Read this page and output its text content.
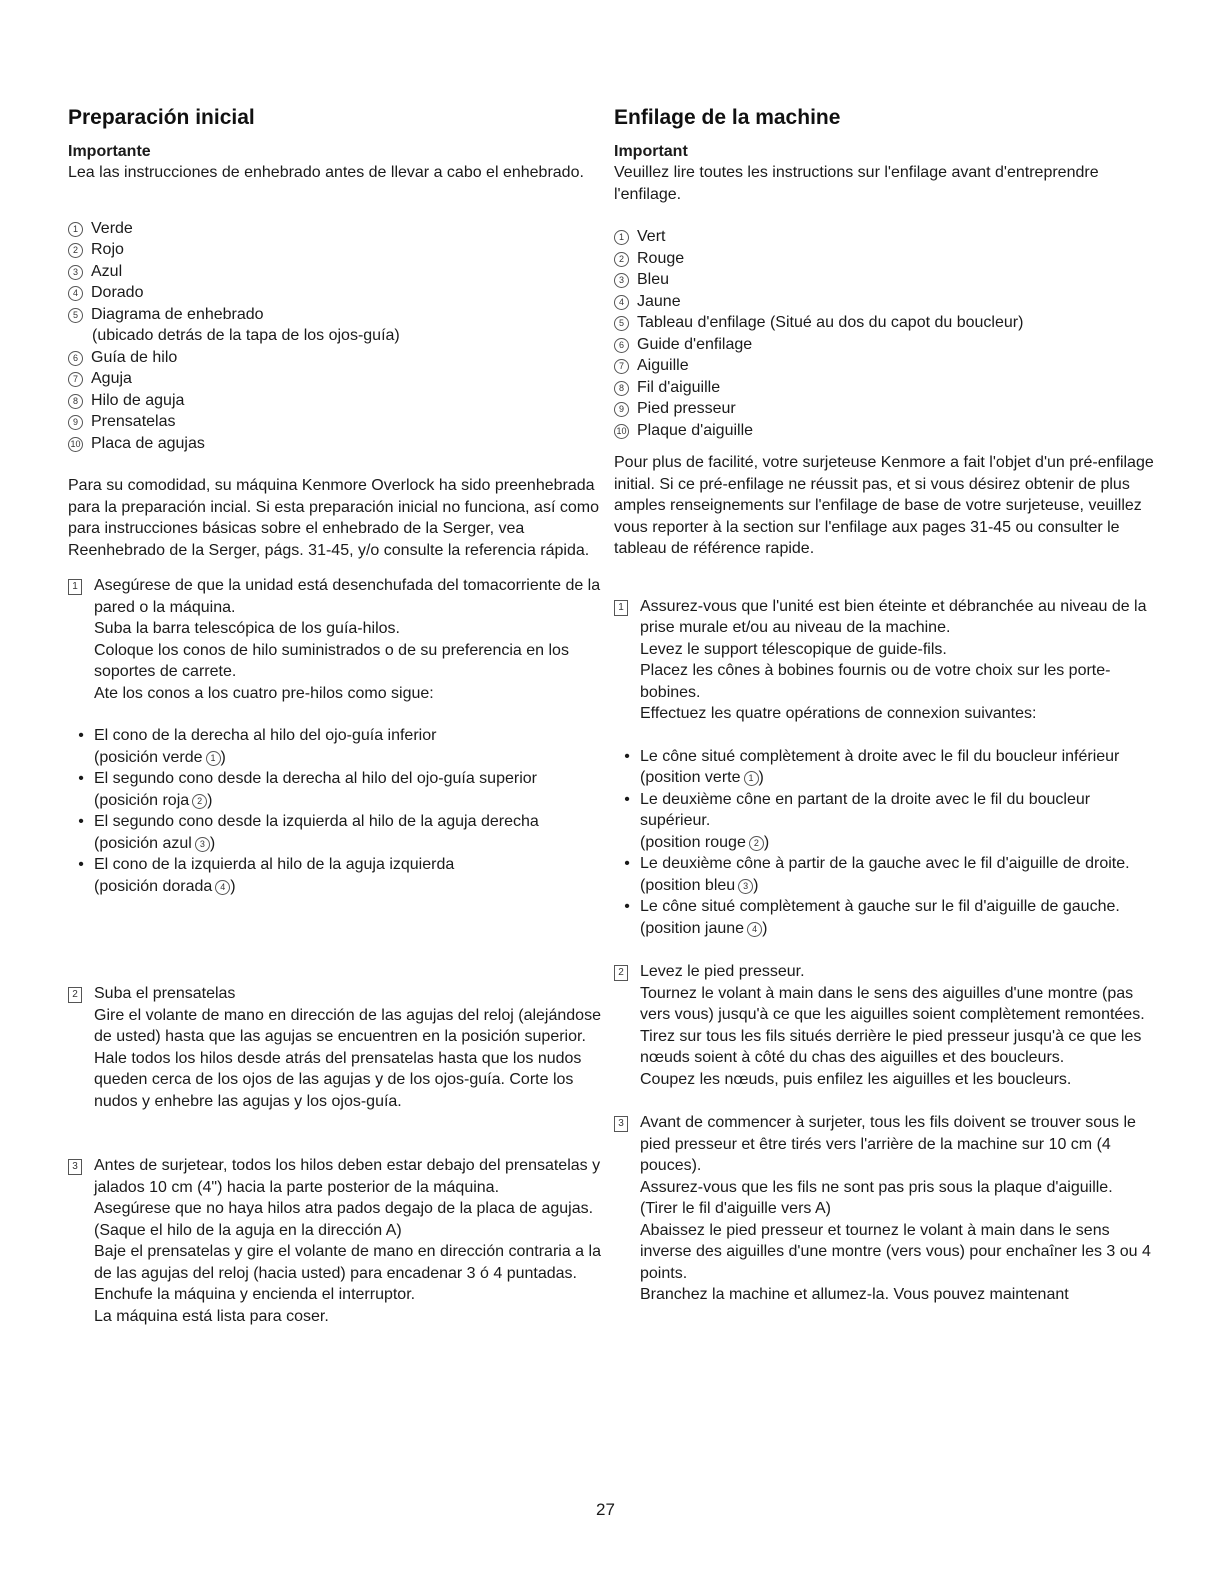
Preparación inicial
Importante

Lea las instrucciones de enhebrado antes de llevar a cabo el enhebrado.

1 Verde
2 Rojo
3 Azul
4 Dorado
5 Diagrama de enhebrado
(ubicado detrás de la tapa de los ojos-guía)
6 Guía de hilo
7 Aguja
8 Hilo de aguja
9 Prensatelas
10 Placa de agujas

Para su comodidad, su máquina Kenmore Overlock ha sido preenhebrada para la preparación incial. Si esta preparación inicial no funciona, así como para instrucciones básicas sobre el enhebrado de la Serger, vea Reenhebrado de la Serger, págs. 31-45, y/o consulte la referencia rápida.

1 Asegúrese de que la unidad está desenchufada del tomacorriente de la pared o la máquina.

Suba la barra telescópica de los guía-hilos.

Coloque los conos de hilo suministrados o de su preferencia en los soportes de carrete.

Ate los conos a los cuatro pre-hilos como sigue:

• El cono de la derecha al hilo del ojo-guía inferior

(posición verde 1 )

• El segundo cono desde la derecha al hilo del ojo-guía superior

(posición roja 2 )

• El segundo cono desde la izquierda al hilo de la aguja derecha

(posición azul 3 )

• El cono de la izquierda al hilo de la aguja izquierda

(posición dorada 4 )

2 Suba el prensatelas

Gire el volante de mano en dirección de las agujas del reloj (alejándose de usted) hasta que las agujas se encuentren en la posición superior.

Hale todos los hilos desde atrás del prensatelas hasta que los nudos queden cerca de los ojos de las agujas y de los ojos-guía. Corte los nudos y enhebre las agujas y los ojos-guía.

3 Antes de surjetear, todos los hilos deben estar debajo del prensatelas y jalados 10 cm (4") hacia la parte posterior de la máquina.

Asegúrese que no haya hilos atra pados degajo de la placa de agujas.

(Saque el hilo de la aguja en la dirección A)

Baje el prensatelas y gire el volante de mano en dirección contraria a la de las agujas del reloj (hacia usted) para encadenar 3 ó 4 puntadas.

Enchufe la máquina y encienda el interruptor.

La máquina está lista para coser.

Enfilage de la machine
Important

Veuillez lire toutes les instructions sur l'enfilage avant d'entreprendre l'enfilage.

1 Vert
2 Rouge
3 Bleu
4 Jaune
5 Tableau d'enfilage (Situé au dos du capot du boucleur)
6 Guide d'enfilage
7 Aiguille
8 Fil d'aiguille
9 Pied presseur
10 Plaque d'aiguille

Pour plus de facilité, votre surjeteuse Kenmore a fait l'objet d'un pré-enfilage initial. Si ce pré-enfilage ne réussit pas, et si vous désirez obtenir de plus amples renseignements sur l'enfilage de base de votre surjeteuse, veuillez vous reporter à la section sur l'enfilage aux pages 31-45 ou consulter le tableau de référence rapide.

1 Assurez-vous que l'unité est bien éteinte et débranchée au niveau de la prise murale et/ou au niveau de la machine.

Levez le support télescopique de guide-fils.

Placez les cônes à bobines fournis ou de votre choix sur les porte-bobines.

Effectuez les quatre opérations de connexion suivantes:

• Le cône situé complètement à droite avec le fil du boucleur inférieur

(position verte 1 )

• Le deuxième cône en partant de la droite avec le fil du boucleur supérieur.

(position rouge 2 )

• Le deuxième cône à partir de la gauche avec le fil d'aiguille de droite.

(position bleu 3 )

• Le cône situé complètement à gauche sur le fil d'aiguille de gauche.

(position jaune 4 )

2 Levez le pied presseur.

Tournez le volant à main dans le sens des aiguilles d'une montre (pas vers vous) jusqu'à ce que les aiguilles soient complètement remontées.

Tirez sur tous les fils situés derrière le pied presseur jusqu'à ce que les nœuds soient à côté du chas des aiguilles et des boucleurs.

Coupez les nœuds, puis enfilez les aiguilles et les boucleurs.

3 Avant de commencer à surjeter, tous les fils doivent se trouver sous le pied presseur et être tirés vers l'arrière de la machine sur 10 cm (4 pouces).

Assurez-vous que les fils ne sont pas pris sous la plaque d'aiguille.

(Tirer le fil d'aiguille vers A)

Abaissez le pied presseur et tournez le volant à main dans le sens inverse des aiguilles d'une montre (vers vous) pour enchaîner les 3 ou 4 points.

Branchez la machine et allumez-la. Vous pouvez maintenant

27
